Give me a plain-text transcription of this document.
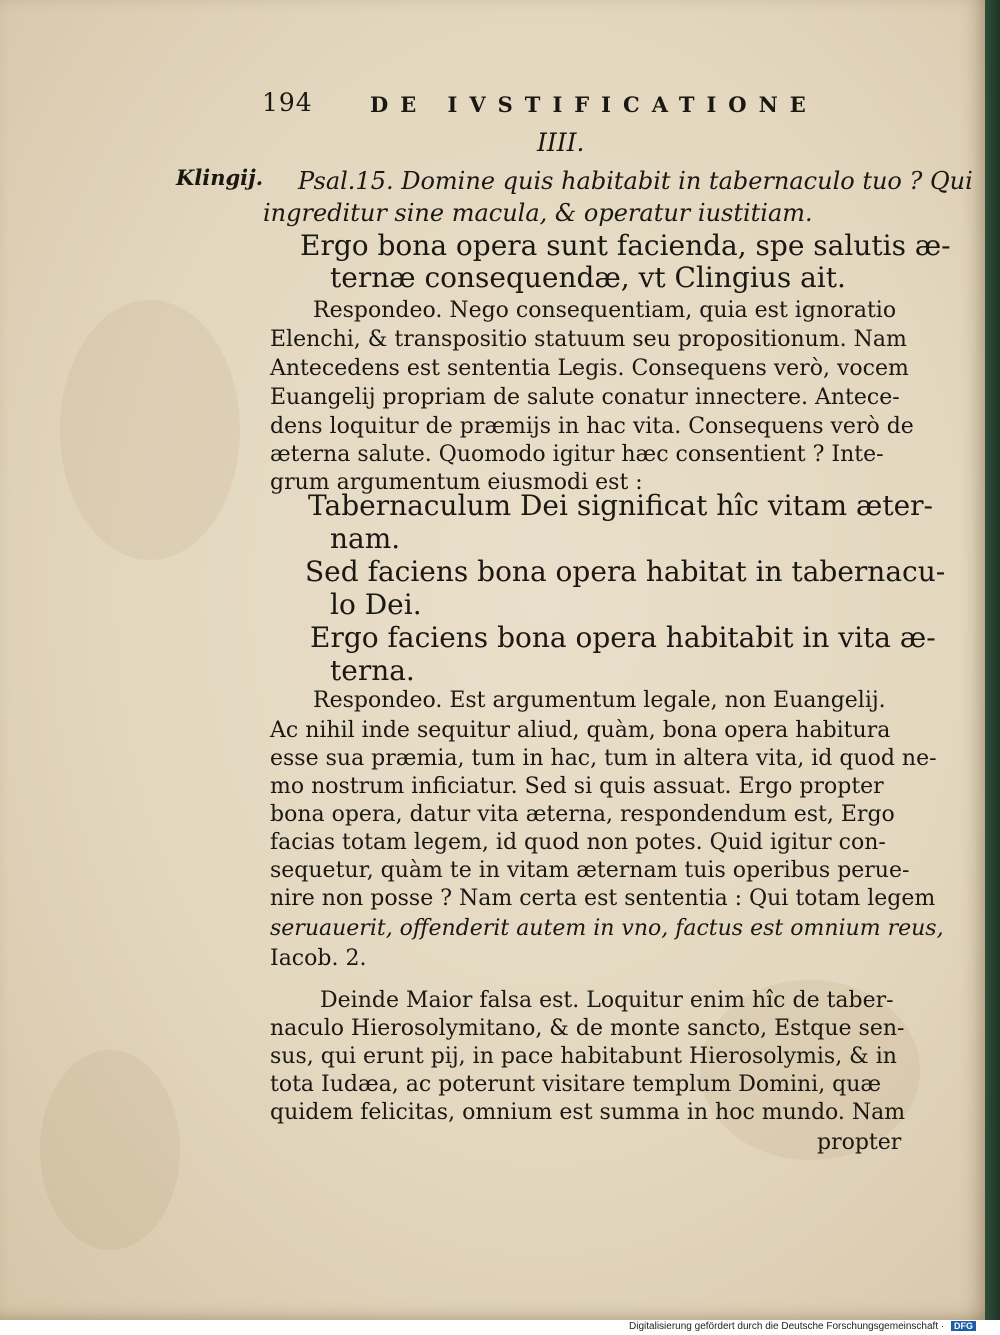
194	DE IVSTIFICATIONE
IIII.
Klingij. Psal.15. Domine quis habitabit in tabernaculo tuo ? Qui
ingreditur sine macula, & operatur iustitiam.
Ergo bona opera sunt facienda, spe salutis æ-
ternæ consequendæ, vt Clingius ait.
Respondeo. Nego consequentiam, quia est ignoratio
Elenchi, & transpositio statuum seu propositionum. Nam
Antecedens est sententia Legis. Consequens verò, vocem
Euangelij propriam de salute conatur innectere. Antece-
dens loquitur de præmijs in hac vita. Consequens verò de
æterna salute. Quomodo igitur hæc consentient ? Inte-
grum argumentum eiusmodi est :
Tabernaculum Dei significat hîc vitam æter-
nam.
Sed faciens bona opera habitat in tabernacu-
lo Dei.
Ergo faciens bona opera habitabit in vita æ-
terna.
Respondeo. Est argumentum legale, non Euangelij.
Ac nihil inde sequitur aliud, quàm, bona opera habitura
esse sua præmia, tum in hac, tum in altera vita, id quod ne-
mo nostrum inficiatur. Sed si quis assuat. Ergo propter
bona opera, datur vita æterna, respondendum est, Ergo
facias totam legem, id quod non potes. Quid igitur con-
sequetur, quàm te in vitam æternam tuis operibus perue-
nire non posse ? Nam certa est sententia : Qui totam legem
seruauerit, offenderit autem in vno, factus est omnium reus,
Iacob. 2.
Deinde Maior falsa est. Loquitur enim hîc de taber-
naculo Hierosolymitano, & de monte sancto, Estque sen-
sus, qui erunt pij, in pace habitabunt Hierosolymis, & in
tota Iudæa, ac poterunt visitare templum Domini, quæ
quidem felicitas, omnium est summa in hoc mundo. Nam
propter
Digitalisierung gefördert durch die Deutsche Forschungsgemeinschaft · DFG
